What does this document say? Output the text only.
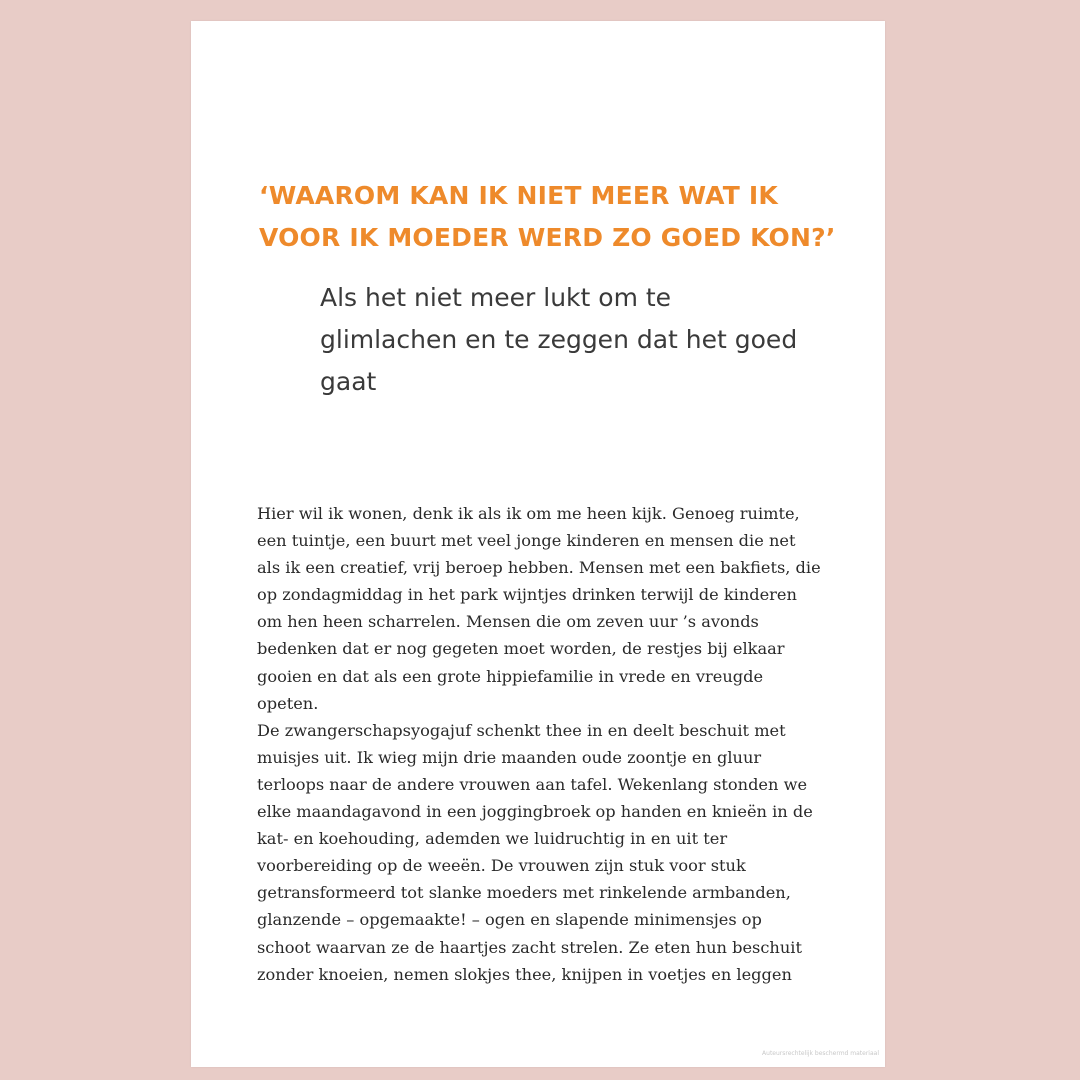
‘WAAROM KAN IK NIET MEER WAT IK
VOOR IK MOEDER WERD ZO GOED KON?’
Als het niet meer lukt om te
glimlachen en te zeggen dat het goed
gaat
Hier wil ik wonen, denk ik als ik om me heen kijk. Genoeg ruimte,
een tuintje, een buurt met veel jonge kinderen en mensen die net
als ik een creatief, vrij beroep hebben. Mensen met een bakfiets, die
op zondagmiddag in het park wijntjes drinken terwijl de kinderen
om hen heen scharrelen. Mensen die om zeven uur ’s avonds
bedenken dat er nog gegeten moet worden, de restjes bij elkaar
gooien en dat als een grote hippiefamilie in vrede en vreugde
opeten.
De zwangerschapsyogajuf schenkt thee in en deelt beschuit met
muisjes uit. Ik wieg mijn drie maanden oude zoontje en gluur
terloops naar de andere vrouwen aan tafel. Wekenlang stonden we
elke maandagavond in een joggingbroek op handen en knieën in de
kat- en koehouding, ademden we luidruchtig in en uit ter
voorbereiding op de weeën. De vrouwen zijn stuk voor stuk
getransformeerd tot slanke moeders met rinkelende armbanden,
glanzende – opgemaakte! – ogen en slapende minimensjes op
schoot waarvan ze de haartjes zacht strelen. Ze eten hun beschuit
zonder knoeien, nemen slokjes thee, knijpen in voetjes en leggen
Auteursrechtelijk beschermd materiaal
